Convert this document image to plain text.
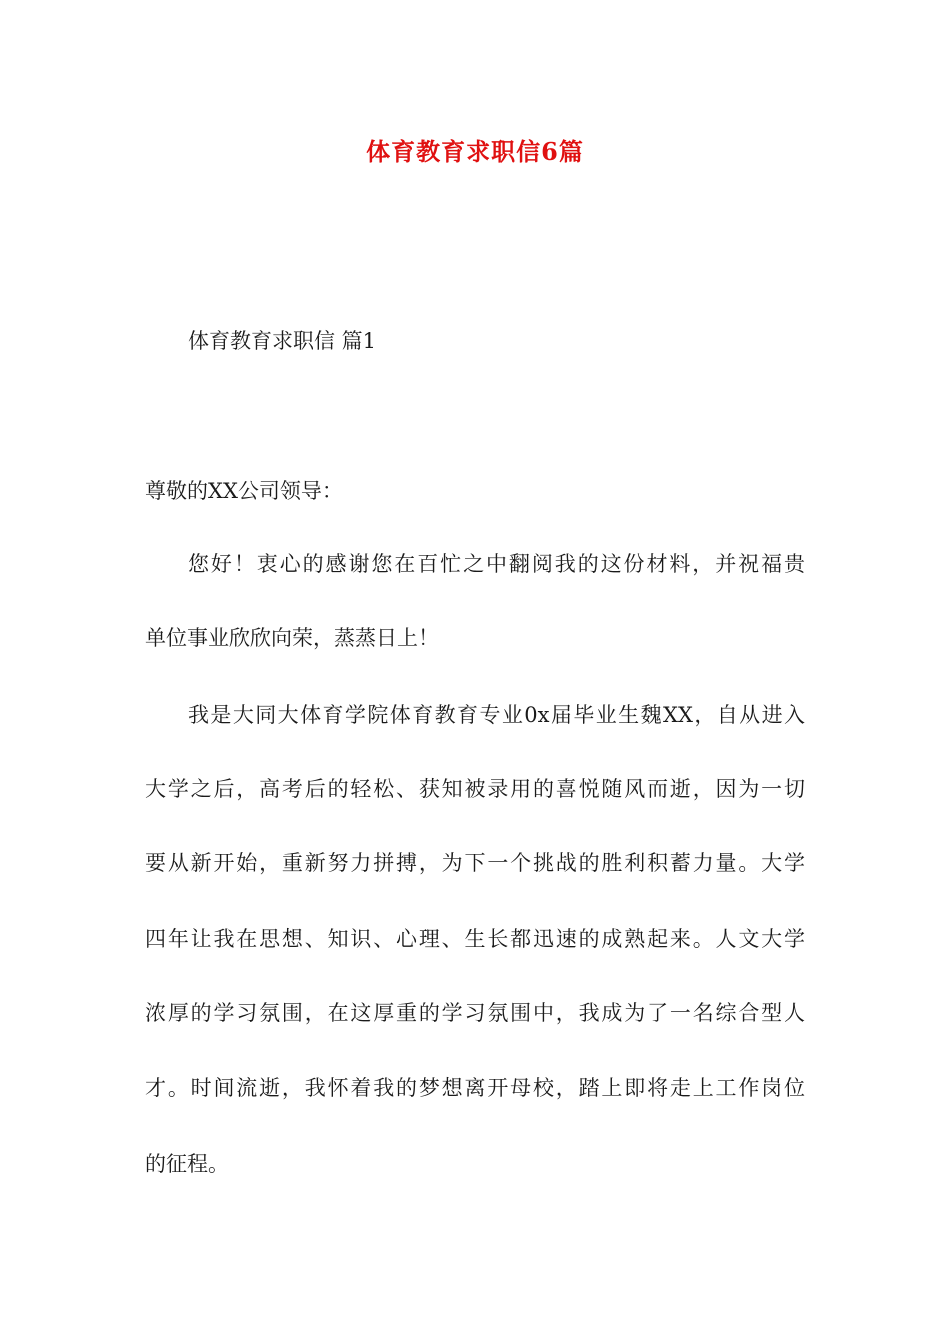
体育教育求职信6篇
体育教育求职信 篇1
尊敬的XX公司领导：
您好！衷心的感谢您在百忙之中翻阅我的这份材料，并祝福贵
单位事业欣欣向荣，蒸蒸日上！
我是大同大体育学院体育教育专业0x届毕业生魏XX，自从进入
大学之后，高考后的轻松、获知被录用的喜悦随风而逝，因为一切
要从新开始，重新努力拼搏，为下一个挑战的胜利积蓄力量。大学
四年让我在思想、知识、心理、生长都迅速的成熟起来。人文大学
浓厚的学习氛围，在这厚重的学习氛围中，我成为了一名综合型人
才。时间流逝，我怀着我的梦想离开母校，踏上即将走上工作岗位
的征程。
